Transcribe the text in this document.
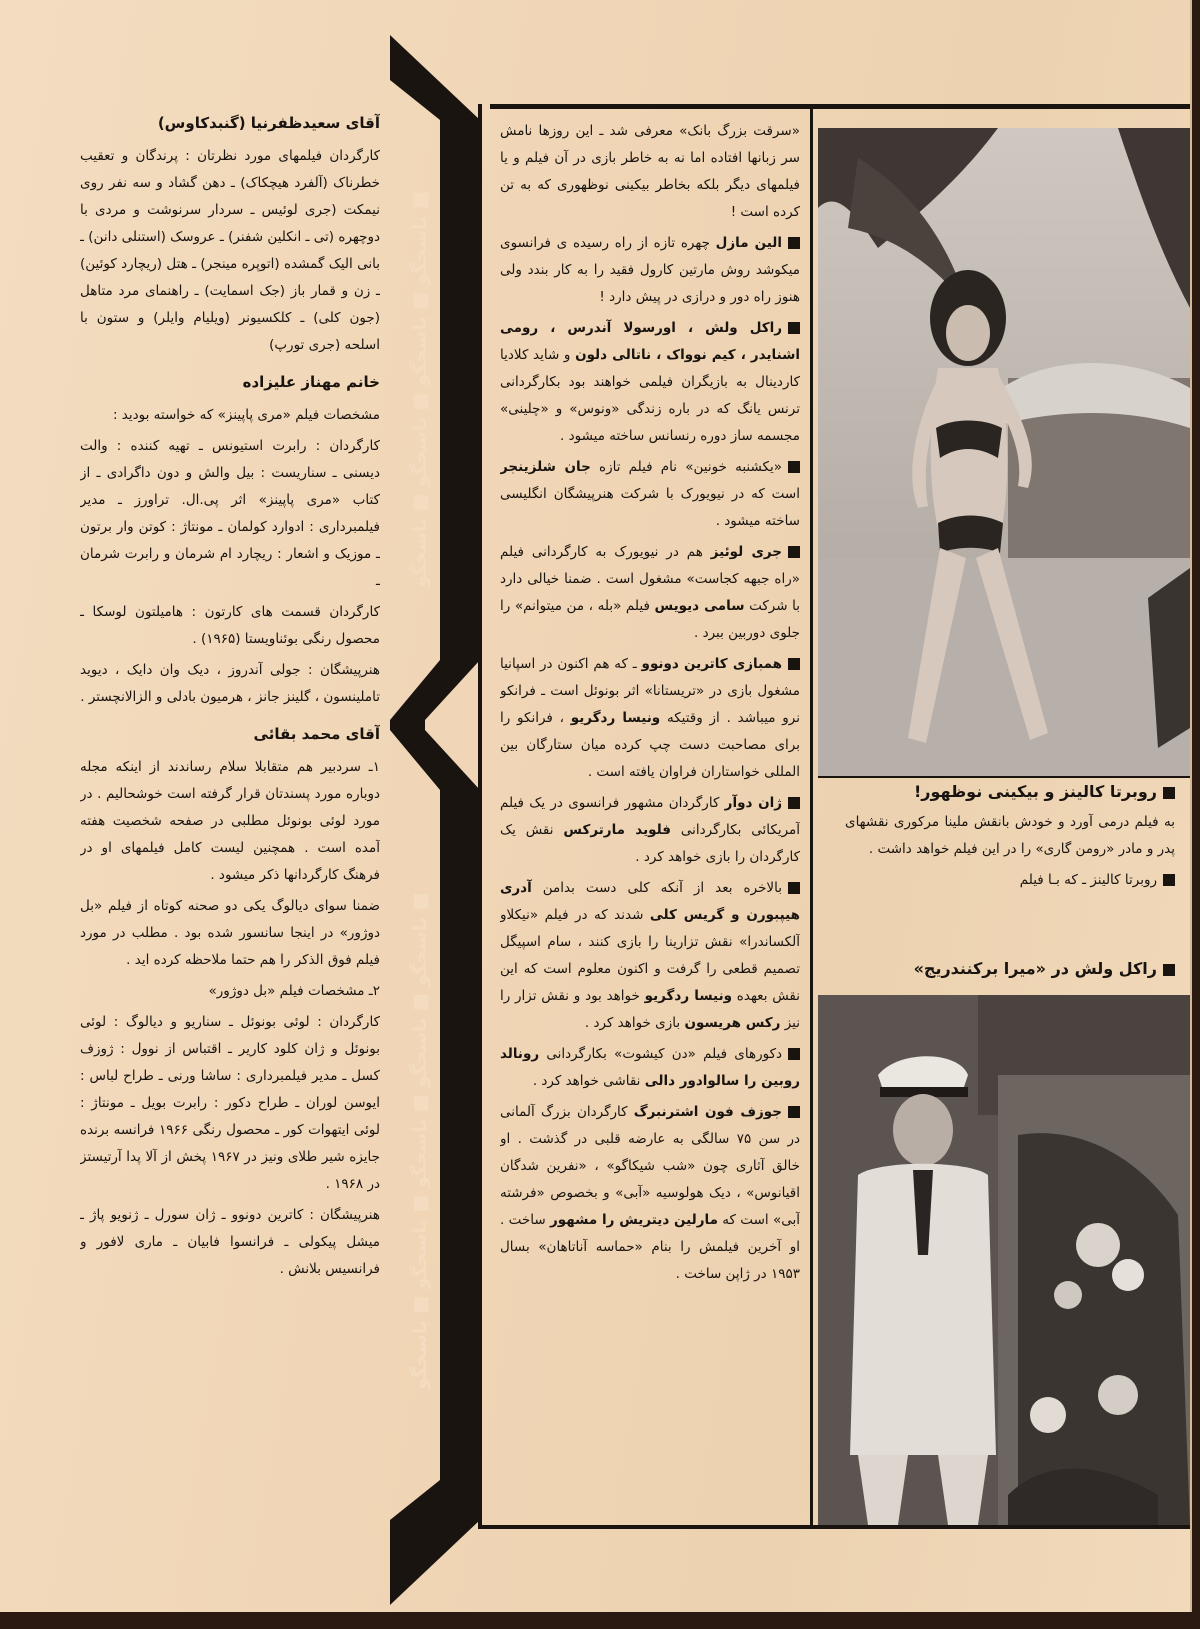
آقای سعیدظفرنیا (گنبدکاوس)

کارگردان فیلمهای مورد نظرتان : پرندگان و تعقیب خطرناک (آلفرد هیچکاک) ـ دهن گشاد و سه نفر روی نیمکت (جری لوئیس ـ سردار سرنوشت و مردی با دوچهره (تی ـ انکلین شفنر) ـ عروسک (استنلی دانن) ـ بانی الیک گمشده (اتوپره مینجر) ـ هتل (ریچارد کوئین) ـ زن و قمار باز (جک اسمایت) ـ راهنمای مرد متاهل (جون کلی) ـ کلکسیونر (ویلیام وایلر) و ستون با اسلحه (جری تورپ)

خانم مهناز علیزاده

مشخصات فیلم «مری پاپینز» که خواسته بودید :

کارگردان : رابرت استیونس ـ تهیه کننده : والت دیسنی ـ سناریست : بیل والش و دون داگرادی ـ از کتاب «مری پاپینز» اثر پی.ال. تراورز ـ مدیر فیلمبرداری : ادوارد کولمان ـ مونتاژ : کوتن وار برتون ـ موزیک و اشعار : ریچارد ام شرمان و رابرت شرمان ـ

کارگردان قسمت های کارتون : هامیلتون لوسکا ـ محصول رنگی بوئناویستا (۱۹۶۵) .

هنرپیشگان : جولی آندروز ، دیک وان دایک ، دیوید تاملینسون ، گلینز جانز ، هرمیون بادلی و الزالانچستر .

آقای محمد بقائی

۱ـ سردبیر هم متقابلا سلام رساندند از اینکه مجله دوباره مورد پسندتان قرار گرفته است خوشحالیم . در مورد لوئی بونوئل مطلبی در صفحه شخصیت هفته آمده است . همچنین لیست کامل فیلمهای او در فرهنگ کارگردانها ذکر میشود .

ضمنا سوای دیالوگ یکی دو صحنه کوتاه از فیلم «بل دوژور» در اینجا سانسور شده بود . مطلب در مورد فیلم فوق الذکر را هم حتما ملاحظه کرده اید .

۲ـ مشخصات فیلم «بل دوژور»

کارگردان : لوئی بونوئل ـ سناریو و دیالوگ : لوئی بونوئل و ژان کلود کاریر ـ اقتباس از نوول : ژوزف کسل ـ مدیر فیلمبرداری : ساشا ورنی ـ طراح لباس : ایوسن لوران ـ طراح دکور : رابرت بویل ـ مونتاژ : لوئی ایتهوات کور ـ محصول رنگی ۱۹۶۶ فرانسه برنده جایزه شیر طلای ونیز در ۱۹۶۷ پخش از آلا پدا آرتیستز در ۱۹۶۸ .

هنرپیشگان : کاترین دونوو ـ ژان سورل ـ ژنویو پاژ ـ میشل پیکولی ـ فرانسوا فابیان ـ ماری لافور و فرانسیس بلانش .

■ باسخگو ■ باسخگو ■ باسخگو ■ باسخگو
■ باسخگو ■ باسخگو ■ باسخگو ■ باسخگو ■ باسخگو

«سرقت بزرگ بانک» معرفی شد ـ این روزها نامش سر زبانها افتاده اما نه به خاطر بازی در آن فیلم و یا فیلمهای دیگر بلکه بخاطر بیکینی نوظهوری که به تن کرده است !

الین مازل چهره تازه از راه رسیده ی فرانسوی میکوشد روش مارتین کارول فقید را به کار بندد ولی هنوز راه دور و درازی در پیش دارد !

راکل ولش ، اورسولا آندرس ، رومی اشنایدر ، کیم نوواک ، ناتالی دلون و شاید کلادیا کاردینال به بازیگران فیلمی خواهند بود بکارگردانی ترنس یانگ که در باره زندگی «ونوس» و «چلینی» مجسمه ساز دوره رنسانس ساخته میشود .

«یکشنبه خونین» نام فیلم تازه جان شلزینجر است که در نیویورک با شرکت هنرپیشگان انگلیسی ساخته میشود .

جری لوئیز هم در نیویورک به کارگردانی فیلم «راه جبهه کجاست» مشغول است . ضمنا خیالی دارد با شرکت سامی دیویس فیلم «بله ، من میتوانم» را جلوی دوربین ببرد .

همبازی کاترین دونوو ـ که هم اکنون در اسپانیا مشغول بازی در «تریستانا» اثر بونوئل است ـ فرانکو نرو میباشد . از وقتیکه ونیسا ردگریو ، فرانکو را برای مصاحبت دست چپ کرده میان ستارگان بین المللی خواستاران فراوان یافته است .

ژان دوآر کارگردان مشهور فرانسوی در یک فیلم آمریکائی بکارگردانی فلوید مارترکس نقش یک کارگردان را بازی خواهد کرد .

بالاخره بعد از آنکه کلی دست بدامن آدری هیپبورن و گریس کلی شدند که در فیلم «نیکلاو آلکساندرا» نقش تزارینا را بازی کنند ، سام اسپیگل تصمیم قطعی را گرفت و اکنون معلوم است که این نقش بعهده ونیسا ردگریو خواهد بود و نقش تزار را نیز رکس هریسون بازی خواهد کرد .

دکورهای فیلم «دن کیشوت» بکارگردانی رونالد روبین را سالوادور دالی نقاشی خواهد کرد .

جوزف فون اشترنبرگ کارگردان بزرگ آلمانی در سن ۷۵ سالگی به عارضه قلبی در گذشت . او خالق آثاری چون «شب شیکاگو» ، «نفرین شدگان اقیانوس» ، دیک هولوسیه «آبی» و بخصوص «فرشته آبی» است که مارلین دیتریش را مشهور ساخت . او آخرین فیلمش را بنام «حماسه آناتاهان» بسال ۱۹۵۳ در ژاپن ساخت .

روبرتا کالینز و بیکینی نوظهور!

به فیلم درمی آورد و خودش بانقش ملینا مرکوری نقشهای پدر و مادر «رومن گاری» را در این فیلم خواهد داشت .

روبرتا کالینز ـ که بـا فیلم

راکل ولش در «میرا برکنندریج»
